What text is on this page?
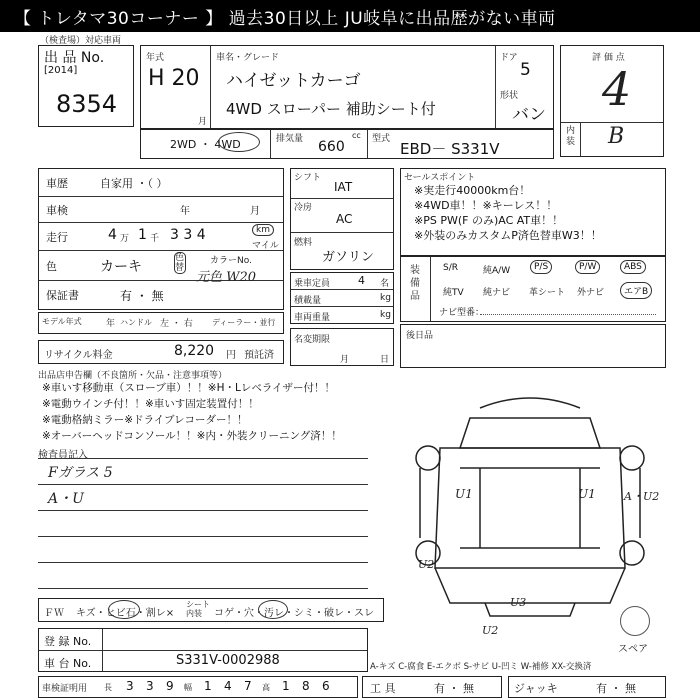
【 トレタマ30コーナー 】 過去30日以上 JU岐阜に出品歴がない車両
（検査場）対応車両
出 品 No.
[2014]
8354
年式
H 20
月
車名・グレード
ハイゼットカーゴ
4WD スローパー 補助シート付
ドア
5
形状
バン
2WD ・ 4WD	排気量	cc
660	型式
EBD－ S331V
評 価 点
4
内 装 B
車歴	自家用 ・（ ）
車検	年	月
走行	4 万 1 千 3 3 4	km
マイル
色	カーキ
色替
カラーNo.
元色 W20
保証書	有 ・ 無
モデル年式	年 ハンドル 左 ・ 右 ディーラー・並行
リサイクル料金	8,220 円 預託済
シフト
IAT
冷房
AC
燃料
ガソリン
乗車定員	4 名
積載量	kg
車両重量	kg
名変期限
月	日
セールスポイント
※実走行40000km台！
※4WD車！！※キーレス！！
※PS PW(F のみ)AC AT車！！
※外装のみカスタムP済色替車W3！！
装備品
S/R	純A/W	P/S	P/W	ABS
純TV	純ナビ	革シート	外ナビ	エアB
ナビ型番：
後日品
出品店申告欄（不良箇所・欠品・注意事項等）
※車いす移動車（スローブ車）！！※H・Lレベライザー付！！
※電動ウインチ付！！※車いす固定装置付！！
※電動格納ミラー※ドライブレコーダー！！
※オーバーヘッドコンソール！！※内・外装クリーニング済！！
検査員記入
Fガラス 5
A・U	U1	U1	A・U2
U2
U2
U3
スペア
ＦＷ キズ・ヒビ石・割レ×
シート内装	コゲ・穴・汚レ・シミ・破レ・スレ
登 録 No.
車 台 No.	S331V-0002988	A-キズ C-腐食 E-エクボ S-サビ U-凹ミ W-補修 XX-交換済
車検証明用 長 3 3 9 幅 1 4 7 高 1 8 6	工 具	有 ・ 無	ジャッキ	有 ・ 無
